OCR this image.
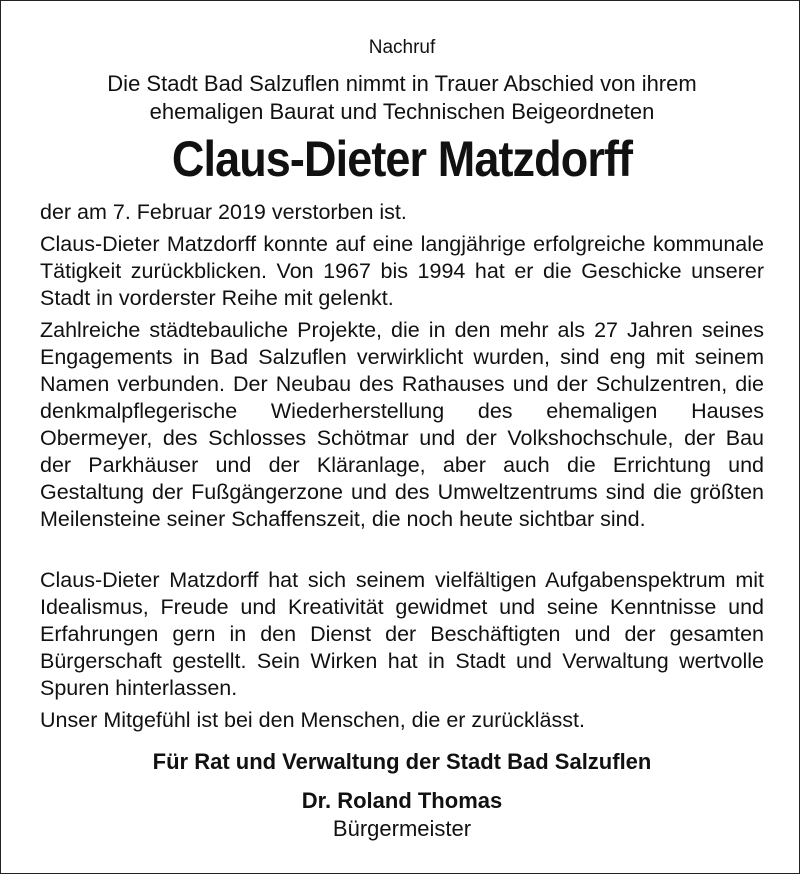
Nachruf
Die Stadt Bad Salzuflen nimmt in Trauer Abschied von ihrem
ehemaligen Baurat und Technischen Beigeordneten
Claus-Dieter Matzdorff

der am 7. Februar 2019 verstorben ist.

Claus-Dieter Matzdorff konnte auf eine langjährige erfolgreiche kommunale Tätigkeit zurückblicken. Von 1967 bis 1994 hat er die Geschicke unserer Stadt in vorderster Reihe mit gelenkt.

Zahlreiche städtebauliche Projekte, die in den mehr als 27 Jahren seines Engagements in Bad Salzuflen verwirklicht wurden, sind eng mit seinem Namen verbunden. Der Neubau des Rathauses und der Schulzentren, die denkmalpflegerische Wiederherstellung des ehemaligen Hauses Obermeyer, des Schlosses Schötmar und der Volkshochschule, der Bau der Parkhäuser und der Kläranlage, aber auch die Errichtung und Gestaltung der Fußgängerzone und des Umweltzentrums sind die größten Meilensteine seiner Schaffenszeit, die noch heute sichtbar sind.

Claus-Dieter Matzdorff hat sich seinem vielfältigen Aufgabenspektrum mit Idealismus, Freude und Kreativität gewidmet und seine Kenntnisse und Erfahrungen gern in den Dienst der Beschäftigten und der gesamten Bürgerschaft gestellt. Sein Wirken hat in Stadt und Verwaltung wertvolle Spuren hinterlassen.

Unser Mitgefühl ist bei den Menschen, die er zurücklässt.

Für Rat und Verwaltung der Stadt Bad Salzuflen
Dr. Roland Thomas
Bürgermeister
